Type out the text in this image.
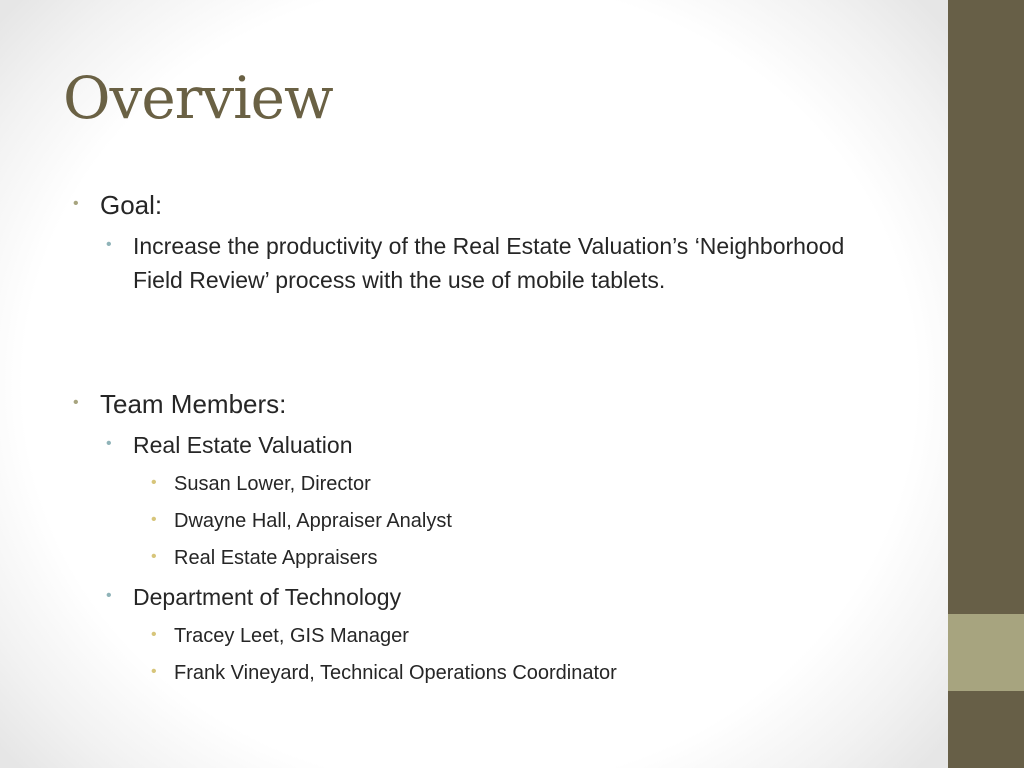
Overview
• Goal:
• Increase the productivity of the Real Estate Valuation’s ‘Neighborhood Field Review’ process with the use of mobile tablets.
• Team Members:
• Real Estate Valuation
• Susan Lower, Director
• Dwayne Hall, Appraiser Analyst
• Real Estate Appraisers
• Department of Technology
• Tracey Leet, GIS Manager
• Frank Vineyard, Technical Operations Coordinator
